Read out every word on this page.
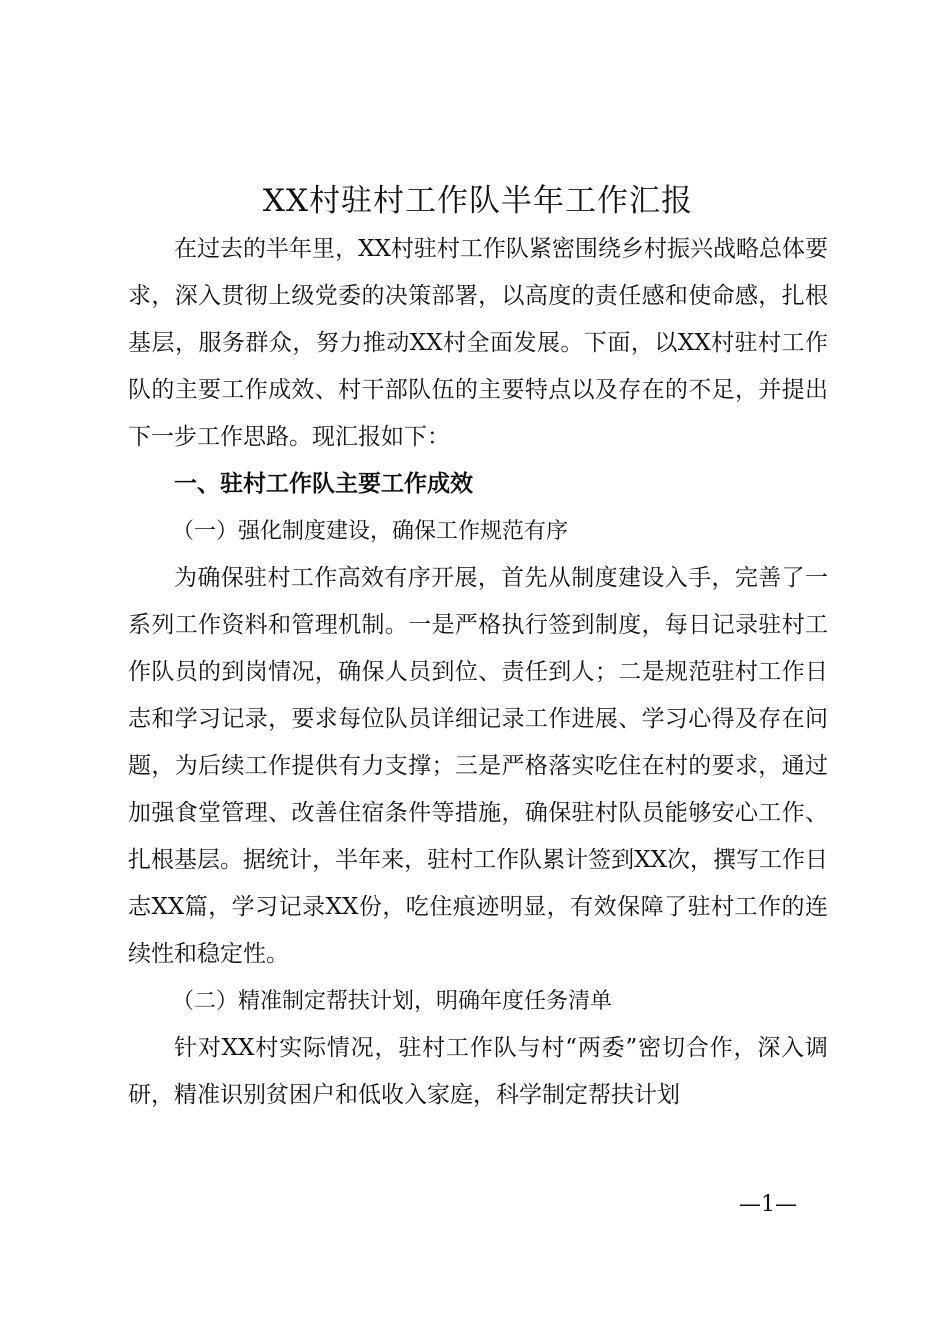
XX村驻村工作队半年工作汇报

在过去的半年里，XX村驻村工作队紧密围绕乡村振兴战略总体要求，深入贯彻上级党委的决策部署，以高度的责任感和使命感，扎根基层，服务群众，努力推动XX村全面发展。下面，以XX村驻村工作队的主要工作成效、村干部队伍的主要特点以及存在的不足，并提出下一步工作思路。现汇报如下：

一、驻村工作队主要工作成效

（一）强化制度建设，确保工作规范有序

为确保驻村工作高效有序开展，首先从制度建设入手，完善了一系列工作资料和管理机制。一是严格执行签到制度，每日记录驻村工作队员的到岗情况，确保人员到位、责任到人；二是规范驻村工作日志和学习记录，要求每位队员详细记录工作进展、学习心得及存在问题，为后续工作提供有力支撑；三是严格落实吃住在村的要求，通过加强食堂管理、改善住宿条件等措施，确保驻村队员能够安心工作、扎根基层。据统计，半年来，驻村工作队累计签到XX次，撰写工作日志XX篇，学习记录XX份，吃住痕迹明显，有效保障了驻村工作的连续性和稳定性。

（二）精准制定帮扶计划，明确年度任务清单

针对XX村实际情况，驻村工作队与村“两委”密切合作，深入调研，精准识别贫困户和低收入家庭，科学制定帮扶计划

—1—
